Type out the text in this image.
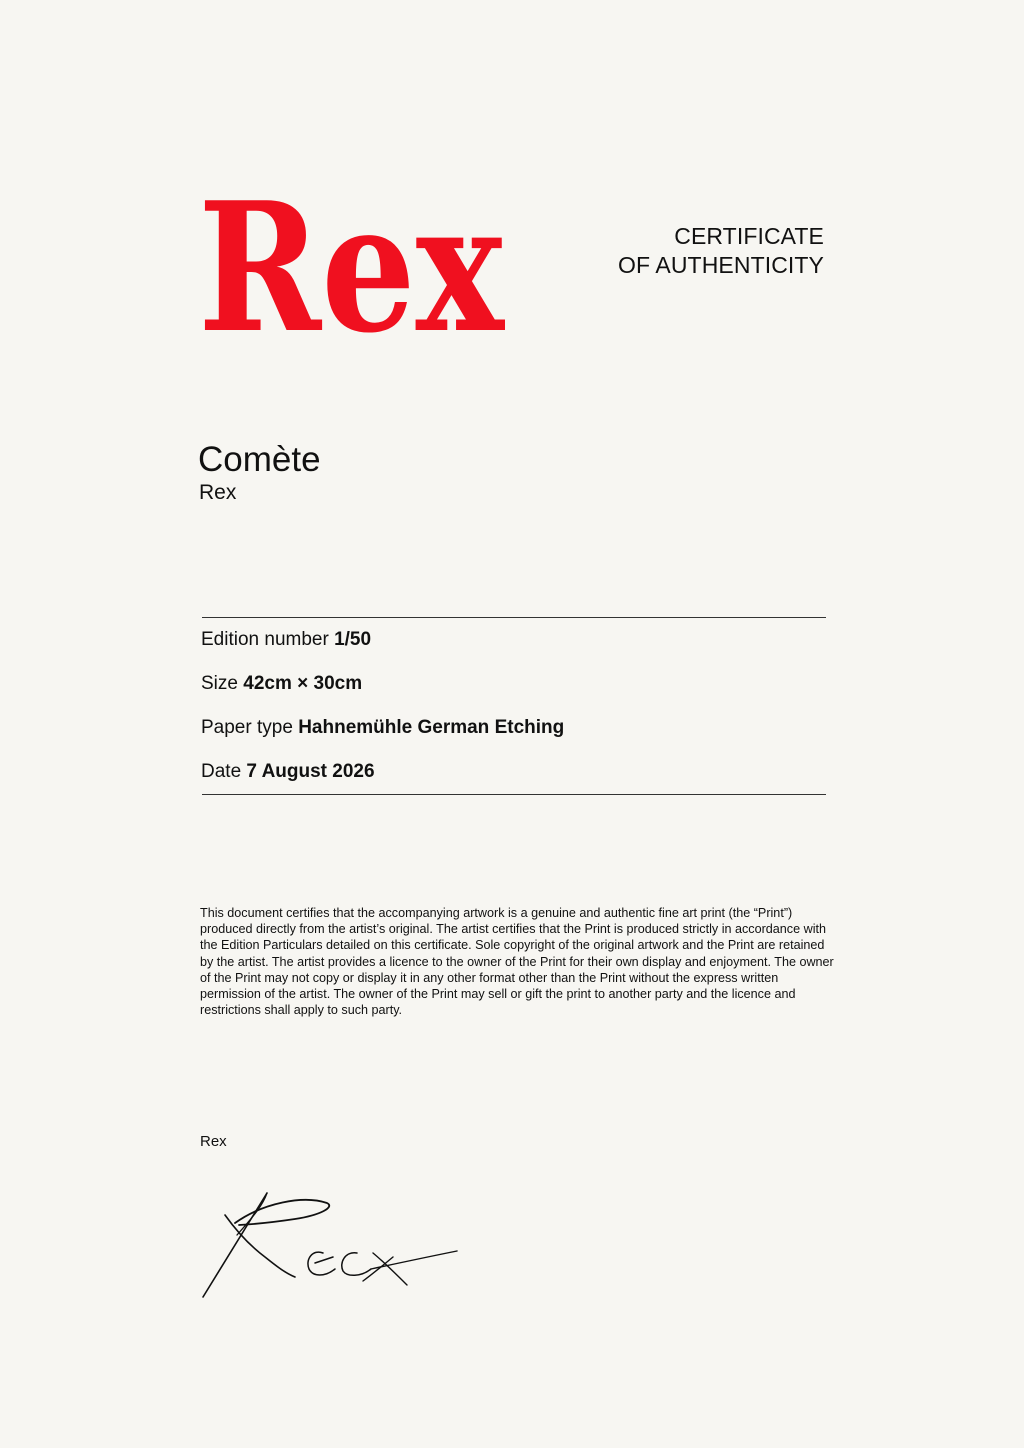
Rex	CERTIFICATE
OF AUTHENTICITY
Comète
Rex
Edition number 1/50
Size 42cm × 30cm
Paper type Hahnemühle German Etching
Date 7 August 2026

This document certifies that the accompanying artwork is a genuine and authentic fine art print (the “Print”) produced directly from the artist’s original. The artist certifies that the Print is produced strictly in accordance with the Edition Particulars detailed on this certificate. Sole copyright of the original artwork and the Print are retained by the artist. The artist provides a licence to the owner of the Print for their own display and enjoyment. The owner of the Print may not copy or display it in any other format other than the Print without the express written permission of the artist. The owner of the Print may sell or gift the print to another party and the licence and restrictions shall apply to such party.

Rex
